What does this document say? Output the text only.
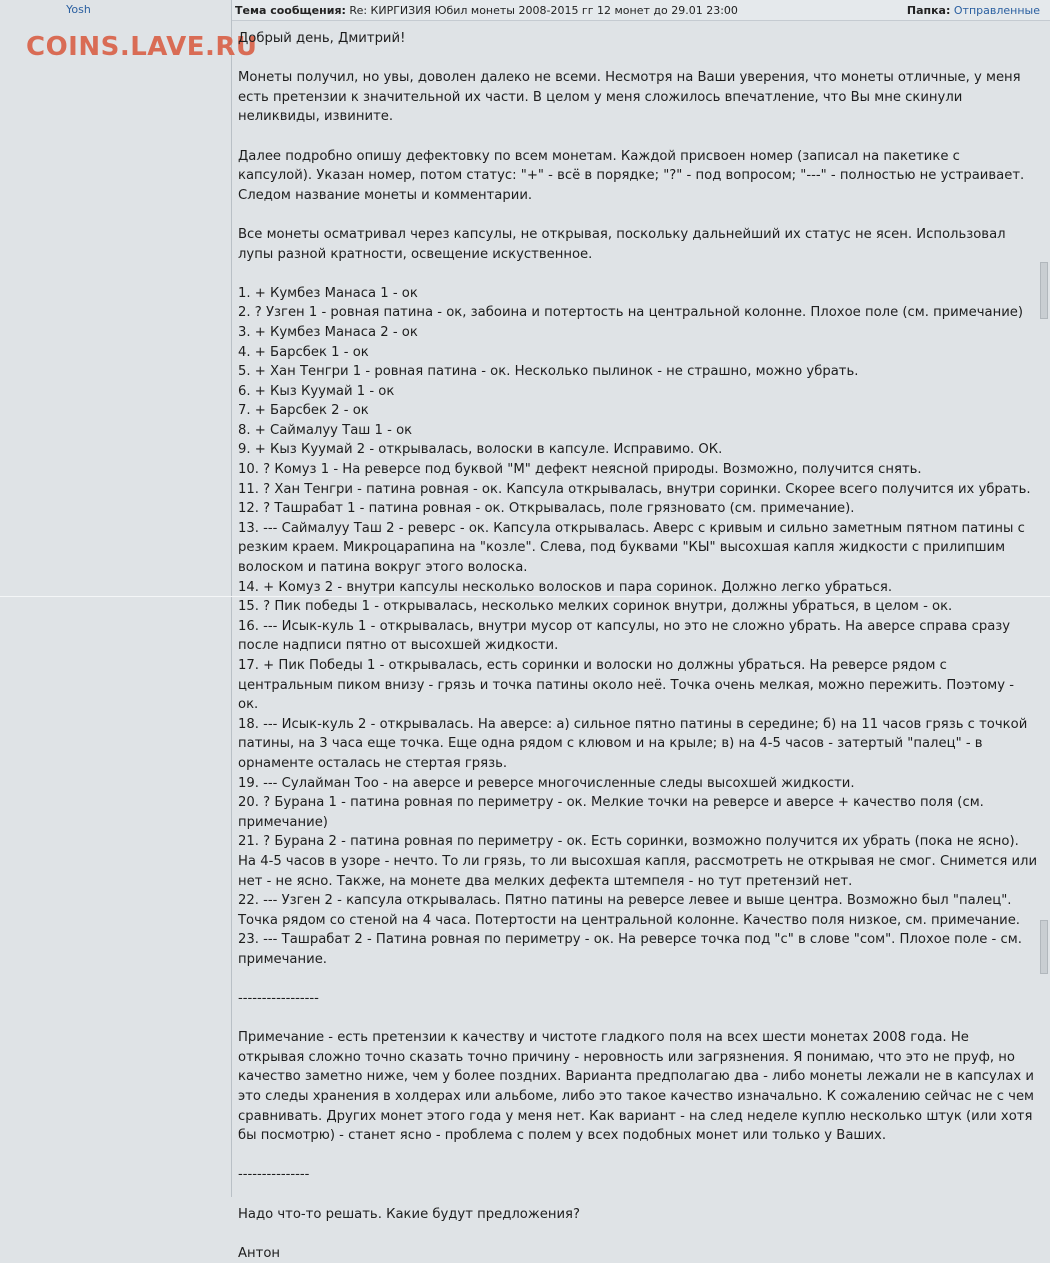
Yosh
COINS.LAVE.RU
Тема сообщения: Re: КИРГИЗИЯ Юбил монеты 2008-2015 гг 12 монет до 29.01 23:00	Папка: Отправленные

Добрый день, Дмитрий!

Монеты получил, но увы, доволен далеко не всеми. Несмотря на Ваши уверения, что монеты отличные, у меня есть претензии к значительной их части. В целом у меня сложилось впечатление, что Вы мне скинули неликвиды, извините.

Далее подробно опишу дефектовку по всем монетам. Каждой присвоен номер (записал на пакетике с капсулой). Указан номер, потом статус: "+" - всё в порядке; "?" - под вопросом; "---" - полностью не устраивает. Следом название монеты и комментарии.

Все монеты осматривал через капсулы, не открывая, поскольку дальнейший их статус не ясен. Использовал лупы разной кратности, освещение искуственное.

1. + Кумбез Манаса 1 - ок

2. ? Узген 1 - ровная патина - ок, забоина и потертость на центральной колонне. Плохое поле (см. примечание)

3. + Кумбез Манаса 2 - ок

4. + Барсбек 1 - ок

5. + Хан Тенгри 1 - ровная патина - ок. Несколько пылинок - не страшно, можно убрать.

6. + Кыз Куумай 1 - ок

7. + Барсбек 2 - ок

8. + Саймалуу Таш 1 - ок

9. + Кыз Куумай 2 - открывалась, волоски в капсуле. Исправимо. ОК.

10. ? Комуз 1 - На реверсе под буквой "М" дефект неясной природы. Возможно, получится снять.

11. ? Хан Тенгри - патина ровная - ок. Капсула открывалась, внутри соринки. Скорее всего получится их убрать.

12. ? Ташрабат 1 - патина ровная - ок. Открывалась, поле грязновато (см. примечание).

13. --- Саймалуу Таш 2 - реверс - ок. Капсула открывалась. Аверс с кривым и сильно заметным пятном патины с резким краем. Микроцарапина на "козле". Слева, под буквами "КЫ" высохшая капля жидкости с прилипшим волоском и патина вокруг этого волоска.

14. + Комуз 2 - внутри капсулы несколько волосков и пара соринок. Должно легко убраться.

15. ? Пик победы 1 - открывалась, несколько мелких соринок внутри, должны убраться, в целом - ок.

16. --- Исык-куль 1 - открывалась, внутри мусор от капсулы, но это не сложно убрать. На аверсе справа сразу после надписи пятно от высохшей жидкости.

17. + Пик Победы 1 - открывалась, есть соринки и волоски но должны убраться. На реверсе рядом с центральным пиком внизу - грязь и точка патины около неё. Точка очень мелкая, можно пережить. Поэтому - ок.

18. --- Исык-куль 2 - открывалась. На аверсе: а) сильное пятно патины в середине; б) на 11 часов грязь с точкой патины, на 3 часа еще точка. Еще одна рядом с клювом и на крыле; в) на 4-5 часов - затертый "палец" - в орнаменте осталась не стертая грязь.

19. --- Сулайман Тоо - на аверсе и реверсе многочисленные следы высохшей жидкости.

20. ? Бурана 1 - патина ровная по периметру - ок. Мелкие точки на реверсе и аверсе + качество поля (см. примечание)

21. ? Бурана 2 - патина ровная по периметру - ок. Есть соринки, возможно получится их убрать (пока не ясно). На 4-5 часов в узоре - нечто. То ли грязь, то ли высохшая капля, рассмотреть не открывая не смог. Снимется или нет - не ясно. Также, на монете два мелких дефекта штемпеля - но тут претензий нет.

22. --- Узген 2 - капсула открывалась. Пятно патины на реверсе левее и выше центра. Возможно был "палец". Точка рядом со стеной на 4 часа. Потертости на центральной колонне. Качество поля низкое, см. примечание.

23. --- Ташрабат 2 - Патина ровная по периметру - ок. На реверсе точка под "с" в слове "сом". Плохое поле - см. примечание.

-----------------

Примечание - есть претензии к качеству и чистоте гладкого поля на всех шести монетах 2008 года. Не открывая сложно точно сказать точно причину - неровность или загрязнения. Я понимаю, что это не пруф, но качество заметно ниже, чем у более поздних. Варианта предполагаю два - либо монеты лежали не в капсулах и это следы хранения в холдерах или альбоме, либо это такое качество изначально. К сожалению сейчас не с чем сравнивать. Других монет этого года у меня нет. Как вариант - на след неделе куплю несколько штук (или хотя бы посмотрю) - станет ясно - проблема с полем у всех подобных монет или только у Ваших.

---------------

Надо что-то решать. Какие будут предложения?

Антон
